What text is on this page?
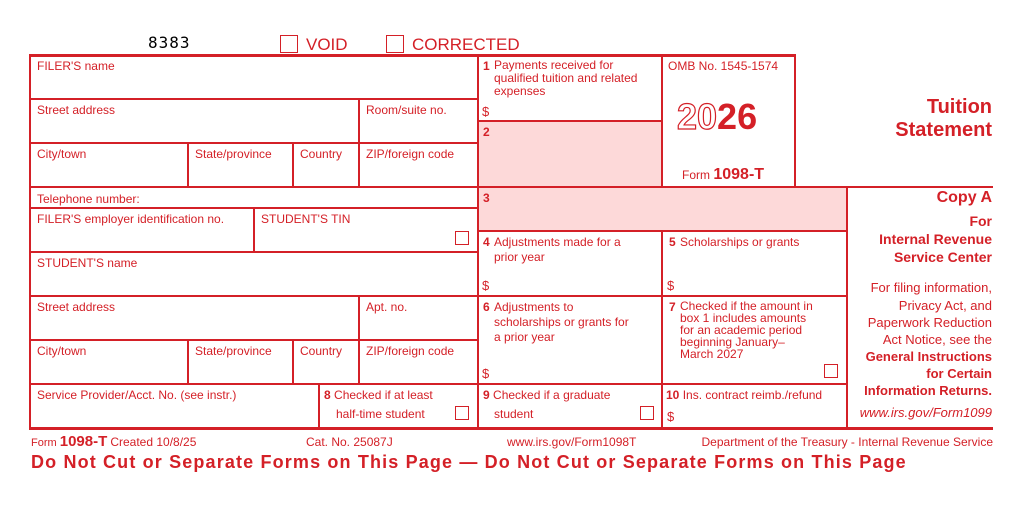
8383	VOID	CORRECTED
FILER'S name
Street address	Room/suite no.
City/town	State/province Country ZIP/foreign code
Telephone number:
FILER'S employer identification no.	STUDENT'S TIN
STUDENT'S name
Street address	Apt. no.
City/town	State/province Country ZIP/foreign code
Service Provider/Acct. No. (see instr.)	8 Checked if at least
half-time student
1 Payments received for qualified tuition and related expenses
$
2
3
OMB No. 1545-1574
2026
Form 1098-T
Tuition
Statement
4 Adjustments made for a prior year
$
5 Scholarships or grants
$
6 Adjustments to scholarships or grants for a prior year
$
7 Checked if the amount in box 1 includes amounts for an academic period beginning January– March 2027
9 Checked if a graduate
student
10 Ins. contract reimb./refund
$
Copy A
For
Internal Revenue
Service Center
For filing information,
Privacy Act, and
Paperwork Reduction
Act Notice, see the
General Instructions
for Certain
Information Returns.
www.irs.gov/Form1099
Form 1098-T Created 10/8/25	Cat. No. 25087J	www.irs.gov/Form1098T	Department of the Treasury - Internal Revenue Service
Do Not Cut or Separate Forms on This Page — Do Not Cut or Separate Forms on This Page
